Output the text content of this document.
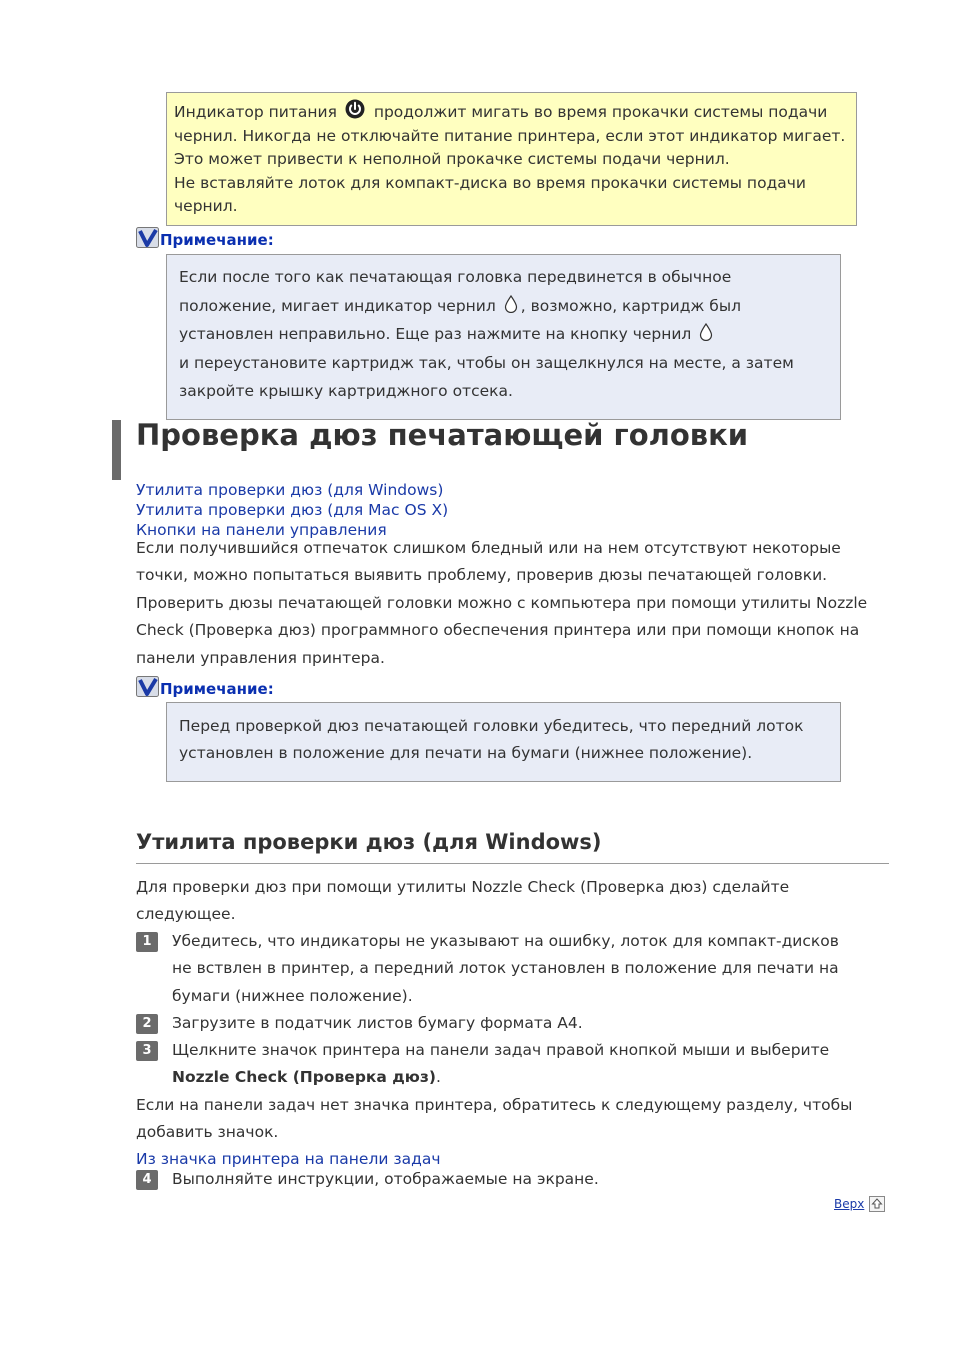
Индикатор питания продолжит мигать во время прокачки системы подачи чернил. Никогда не отключайте питание принтера, если этот индикатор мигает. Это может привести к неполной прокачке системы подачи чернил.
Не вставляйте лоток для компакт-диска во время прокачки системы подачи чернил.
Примечание:
Если после того как печатающая головка передвинется в обычное положение, мигает индикатор чернил , возможно, картридж был установлен неправильно. Еще раз нажмите на кнопку чернил
и переустановите картридж так, чтобы он защелкнулся на месте, а затем закройте крышку картриджного отсека.
Проверка дюз печатающей головки
Утилита проверки дюз (для Windows)
Утилита проверки дюз (для Mac OS X)
Кнопки на панели управления
Если получившийся отпечаток слишком бледный или на нем отсутствуют некоторые точки, можно попытаться выявить проблему, проверив дюзы печатающей головки. Проверить дюзы печатающей головки можно с компьютера при помощи утилиты Nozzle Check (Проверка дюз) программного обеспечения принтера или при помощи кнопок на панели управления принтера.
Примечание:
Перед проверкой дюз печатающей головки убедитесь, что передний лоток установлен в положение для печати на бумаги (нижнее положение).
Утилита проверки дюз (для Windows)
Для проверки дюз при помощи утилиты Nozzle Check (Проверка дюз) сделайте следующее.
1	Убедитесь, что индикаторы не указывают на ошибку, лоток для компакт-дисков не вствлен в принтер, а передний лоток установлен в положение для печати на бумаги (нижнее положение).
2	Загрузите в податчик листов бумагу формата A4.
3	Щелкните значок принтера на панели задач правой кнопкой мыши и выберите
Nozzle Check (Проверка дюз).
Если на панели задач нет значка принтера, обратитесь к следующему разделу, чтобы добавить значок.
Из значка принтера на панели задач
4	Выполняйте инструкции, отображаемые на экране.
Верх
